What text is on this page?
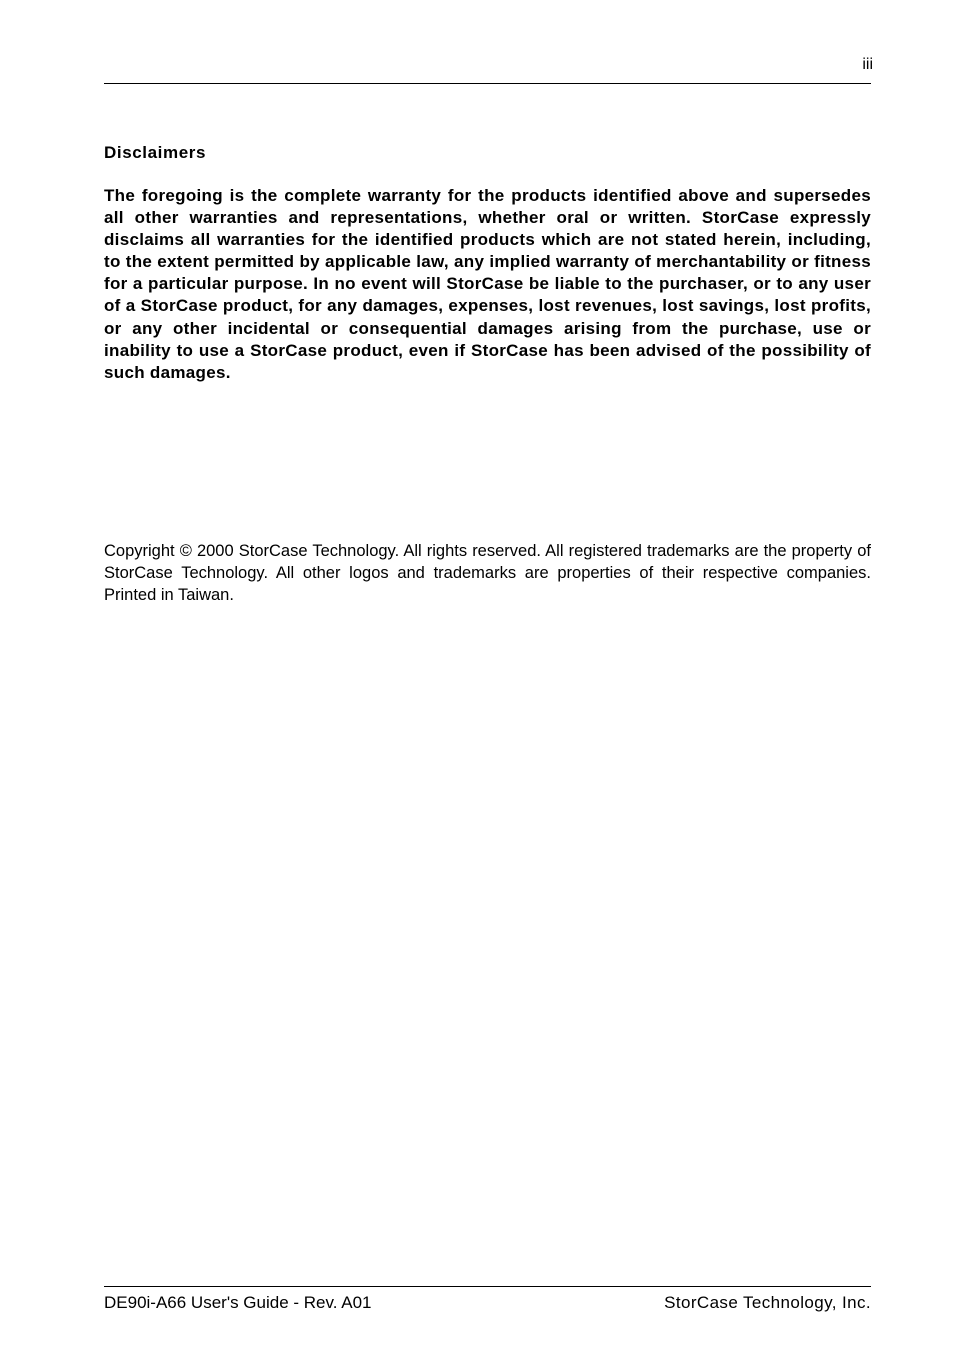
iii
Disclaimers

The foregoing is the complete warranty for the products identified above and supersedes all other warranties and representations, whether oral or written. StorCase expressly disclaims all warranties for the identified products which are not stated herein, including, to the extent permitted by applicable law, any implied warranty of merchantability or fitness for a particular purpose. In no event will StorCase be liable to the purchaser, or to any user of a StorCase product, for any damages, expenses, lost revenues, lost savings, lost profits, or any other incidental or consequential damages arising from the purchase, use or inability to use a StorCase product, even if StorCase has been advised of the possibility of such damages.

Copyright © 2000 StorCase Technology. All rights reserved. All registered trademarks are the property of StorCase Technology. All other logos and trademarks are properties of their respective companies. Printed in Taiwan.

DE90i-A66 User's Guide - Rev. A01	StorCase Technology, Inc.
